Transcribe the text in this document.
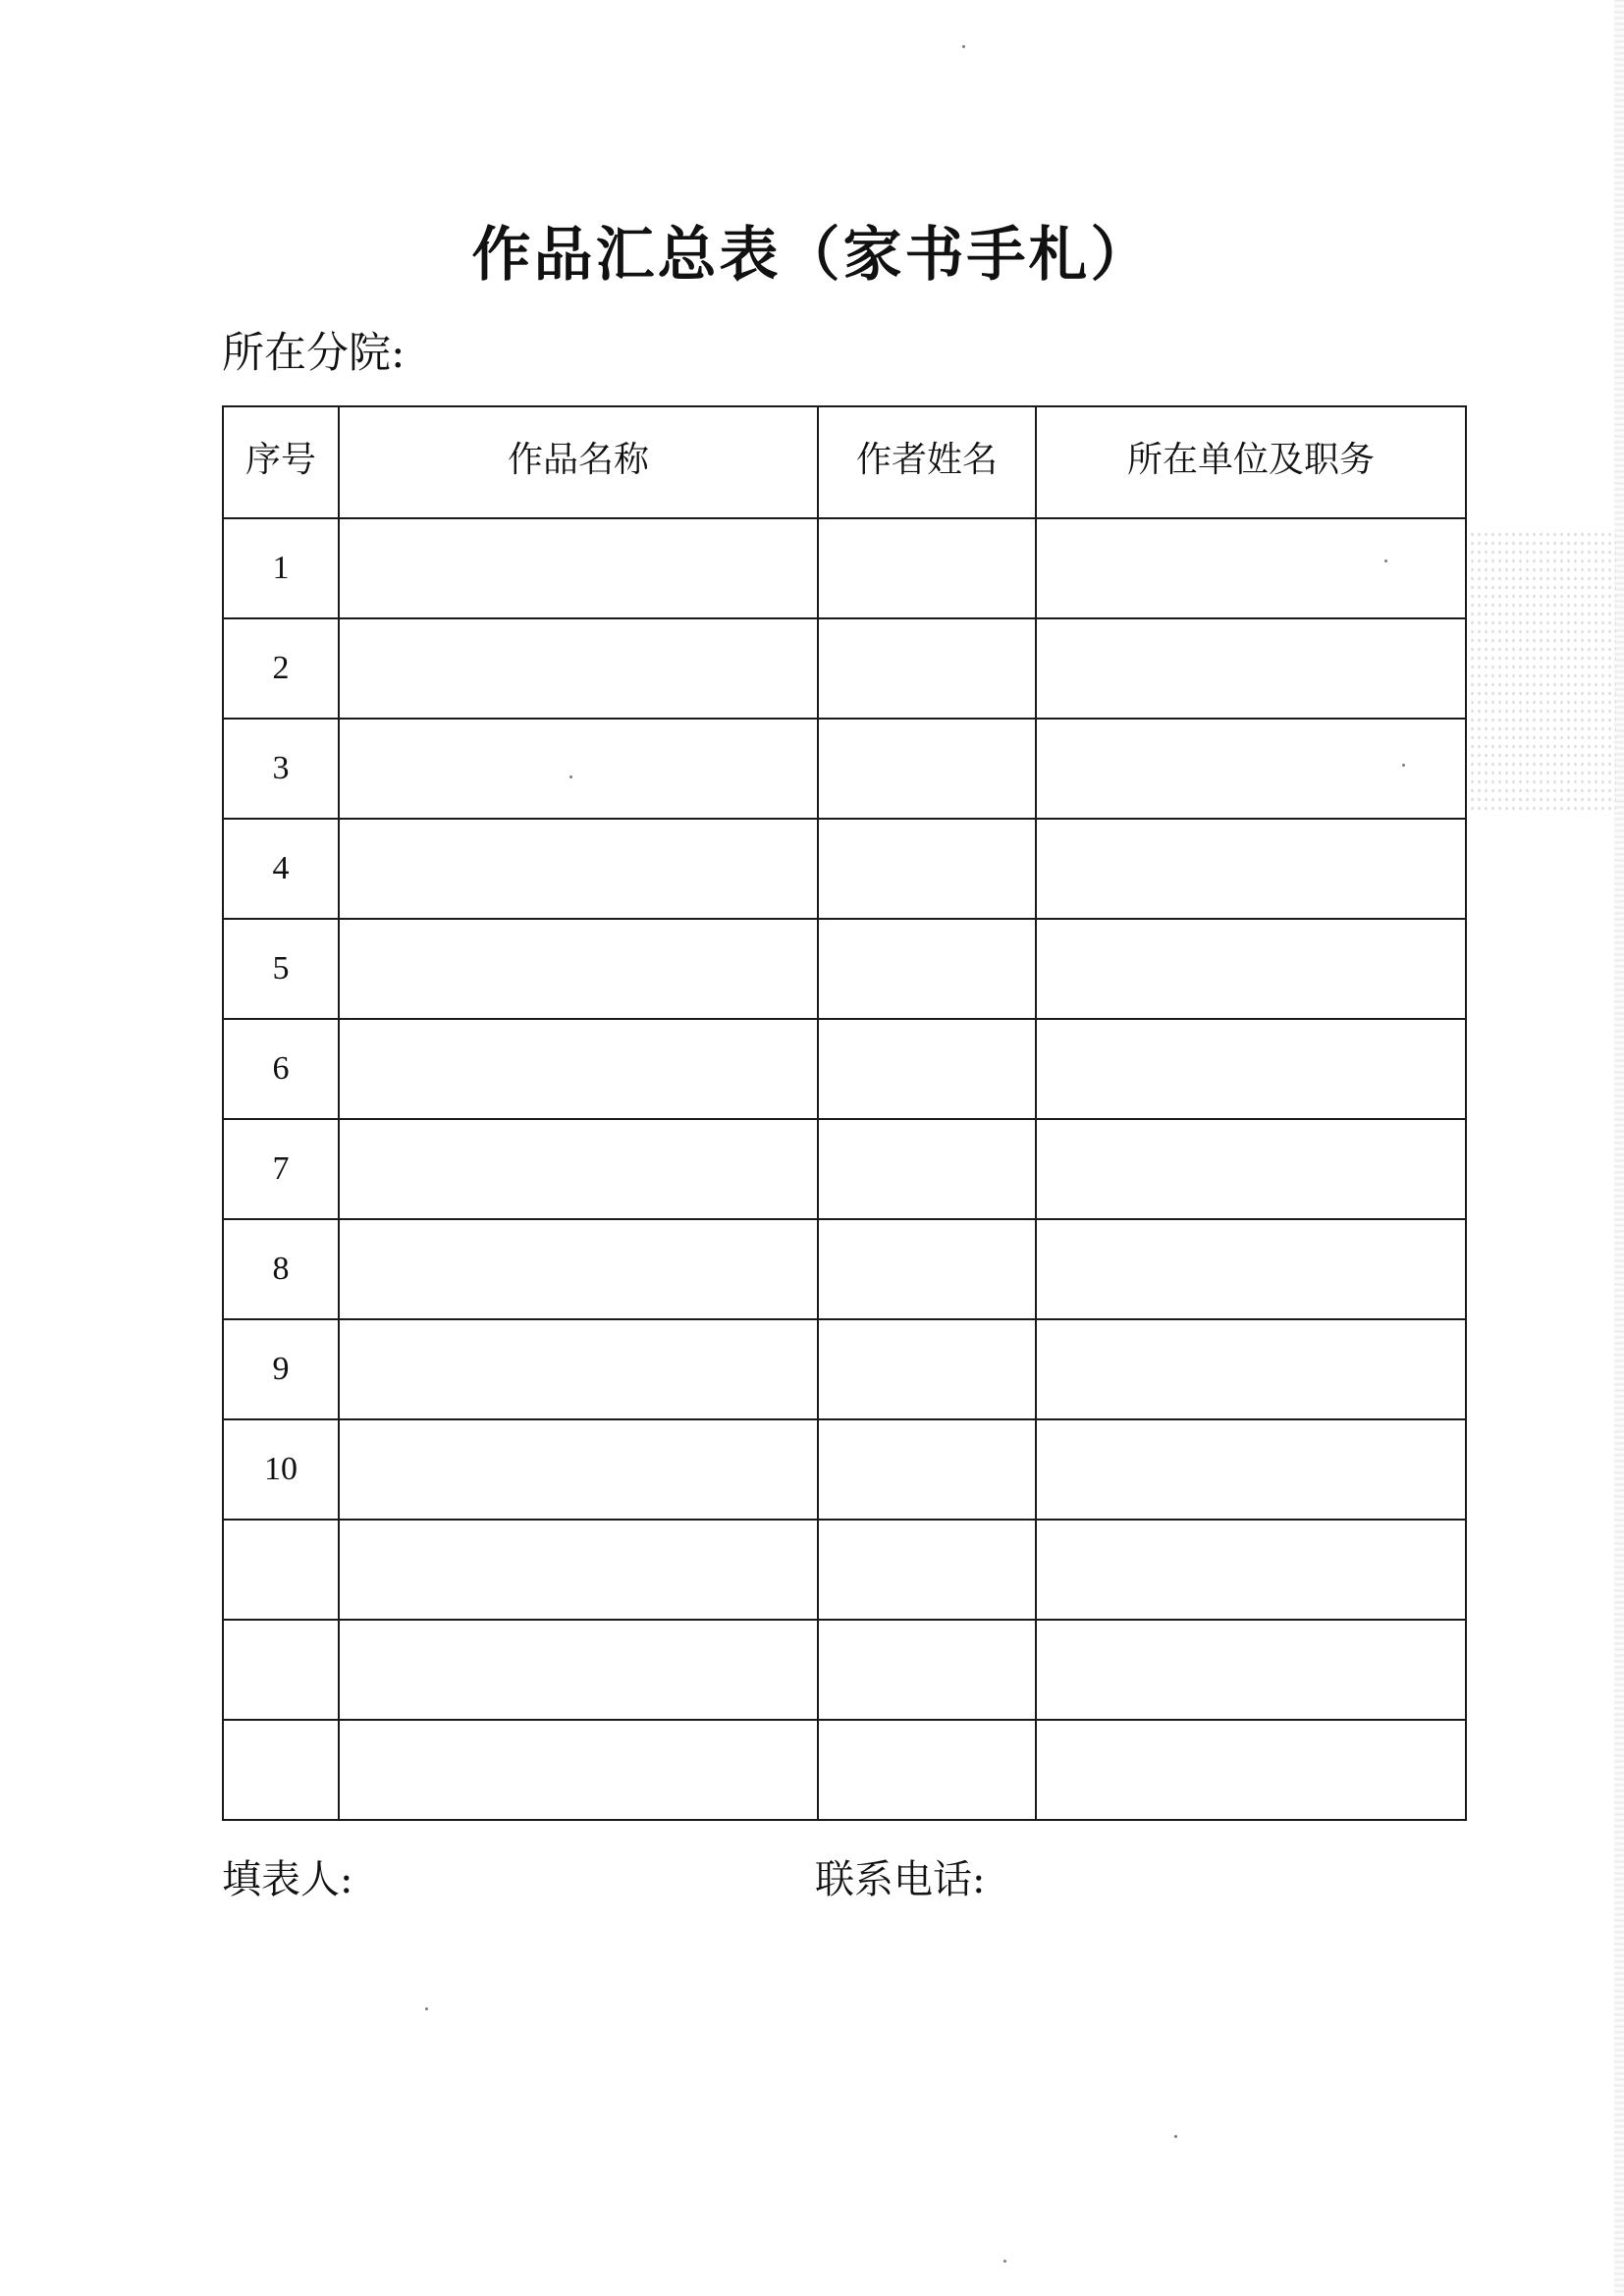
作品汇总表（家书手札）
所在分院:
序号	作品名称	作者姓名	所在单位及职务
1			
2			
3			
4			
5			
6			
7			
8			
9			
10			

填表人:	联系电话:
